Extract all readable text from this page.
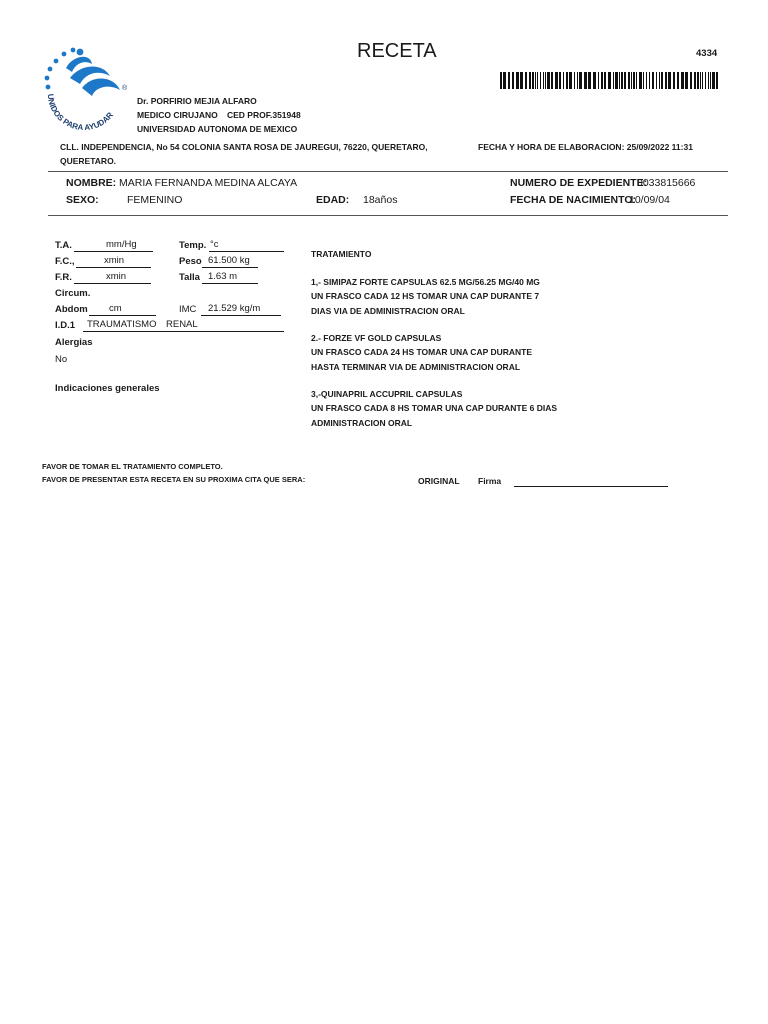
UNIDOS PARA AYUDAR
®
RECETA	4334
Dr. PORFIRIO MEJIA ALFARO
MEDICO CIRUJANO CED PROF.351948
UNIVERSIDAD AUTONOMA DE MEXICO
CLL. INDEPENDENCIA, No 54 COLONIA SANTA ROSA DE JAUREGUI, 76220, QUERETARO,
QUERETARO.
FECHA Y HORA DE ELABORACION: 25/09/2022 11:31
NOMBRE: MARIA FERNANDA MEDINA ALCAYA	NUMERO DE EXPEDIENTE:
0033815666
SEXO:	FEMENINO	EDAD: 18años	FECHA DE NACIMIENTO:
10/09/04
T.A.	mm/Hg	Temp. °c
F.C.,	xmin	Peso 61.500 kg
F.R.	xmin	Talla 1.63 m
Circum.
Abdom cm	IMC 21.529 kg/m
I.D.1 TRAUMATISMO RENAL
Alergias
No
Indicaciones generales
TRATAMIENTO
1,- SIMIPAZ FORTE CAPSULAS 62.5 MG/56.25 MG/40 MG
UN FRASCO CADA 12 HS TOMAR UNA CAP DURANTE 7
DIAS VIA DE ADMINISTRACION ORAL
2.- FORZE VF GOLD CAPSULAS
UN FRASCO CADA 24 HS TOMAR UNA CAP DURANTE
HASTA TERMINAR VIA DE ADMINISTRACION ORAL
3,-QUINAPRIL ACCUPRIL CAPSULAS
UN FRASCO CADA 8 HS TOMAR UNA CAP DURANTE 6 DIAS
ADMINISTRACION ORAL
FAVOR DE TOMAR EL TRATAMIENTO COMPLETO.
FAVOR DE PRESENTAR ESTA RECETA EN SU PROXIMA CITA QUE SERA:	ORIGINAL Firma
